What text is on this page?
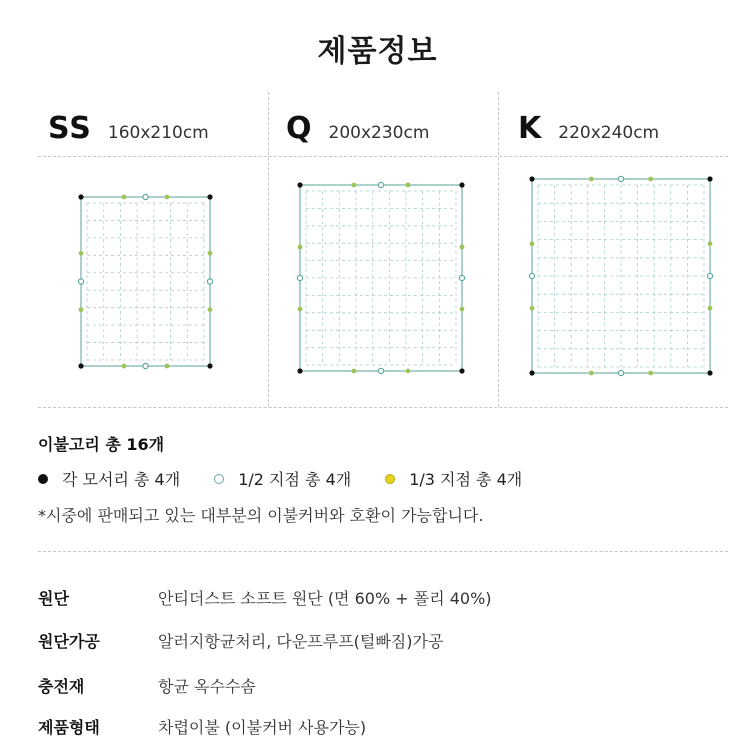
제품정보
SS 160x210cm	Q 200x230cm	K 220x240cm
이불고리 총 16개
각 모서리 총 4개	1/2 지점 총 4개	1/3 지점 총 4개
*시중에 판매되고 있는 대부분의 이불커버와 호환이 가능합니다.
원단	안티더스트 소프트 원단 (면 60% + 폴리 40%)
원단가공	알러지항균처리, 다운프루프(털빠짐)가공
충전재	항균 옥수수솜
제품형태	차렵이불 (이불커버 사용가능)
